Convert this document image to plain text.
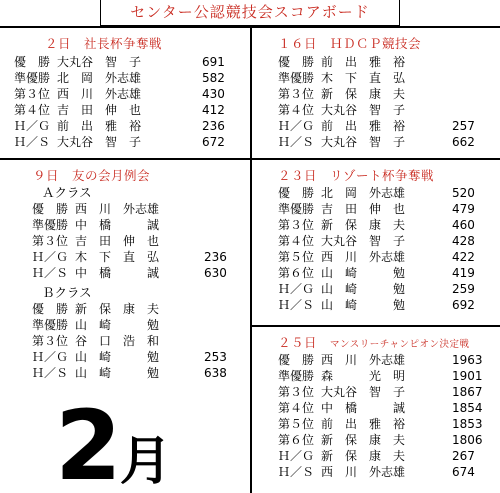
センター公認競技会スコアボード
２日　社長杯争奪戦
優　勝 大丸谷　智　子	691
準優勝 北　岡　外志雄	582
第３位 西　川　外志雄	430
第４位 吉　田　伸　也	412
Ｈ／Ｇ 前　出　雅　裕	236
Ｈ／Ｓ 大丸谷　智　子	672
１６日　ＨＤＣＰ競技会
優　勝 前　出　雅　裕
準優勝 木　下　直　弘
第３位 新　保　康　夫
第４位 大丸谷　智　子
Ｈ／Ｇ 前　出　雅　裕	257
Ｈ／Ｓ 大丸谷　智　子	662
９日　友の会月例会
Ａクラス
優　勝 西　川　外志雄
準優勝 中　橋　　　誠
第３位 吉　田　伸　也
Ｈ／Ｇ 木　下　直　弘	236
Ｈ／Ｓ 中　橋　　　誠	630
Ｂクラス
優　勝 新　保　康　夫
準優勝 山　崎　　　勉
第３位 谷　口　浩　和
Ｈ／Ｇ 山　崎　　　勉	253
Ｈ／Ｓ 山　崎　　　勉	638
２３日　リゾート杯争奪戦
優　勝 北　岡　外志雄	520
準優勝 吉　田　伸　也	479
第３位 新　保　康　夫	460
第４位 大丸谷　智　子	428
第５位 西　川　外志雄	422
第６位 山　崎　　　勉	419
Ｈ／Ｇ 山　崎　　　勉	259
Ｈ／Ｓ 山　崎　　　勉	692
２５日　マンスリーチャンピオン決定戦
優　勝 西　川　外志雄	1963
準優勝 森　　　光　明	1901
第３位 大丸谷　智　子	1867
第４位 中　橋　　　誠	1854
第５位 前　出　雅　裕	1853
第６位 新　保　康　夫	1806
Ｈ／Ｇ 新　保　康　夫	267
Ｈ／Ｓ 西　川　外志雄	674
2月
